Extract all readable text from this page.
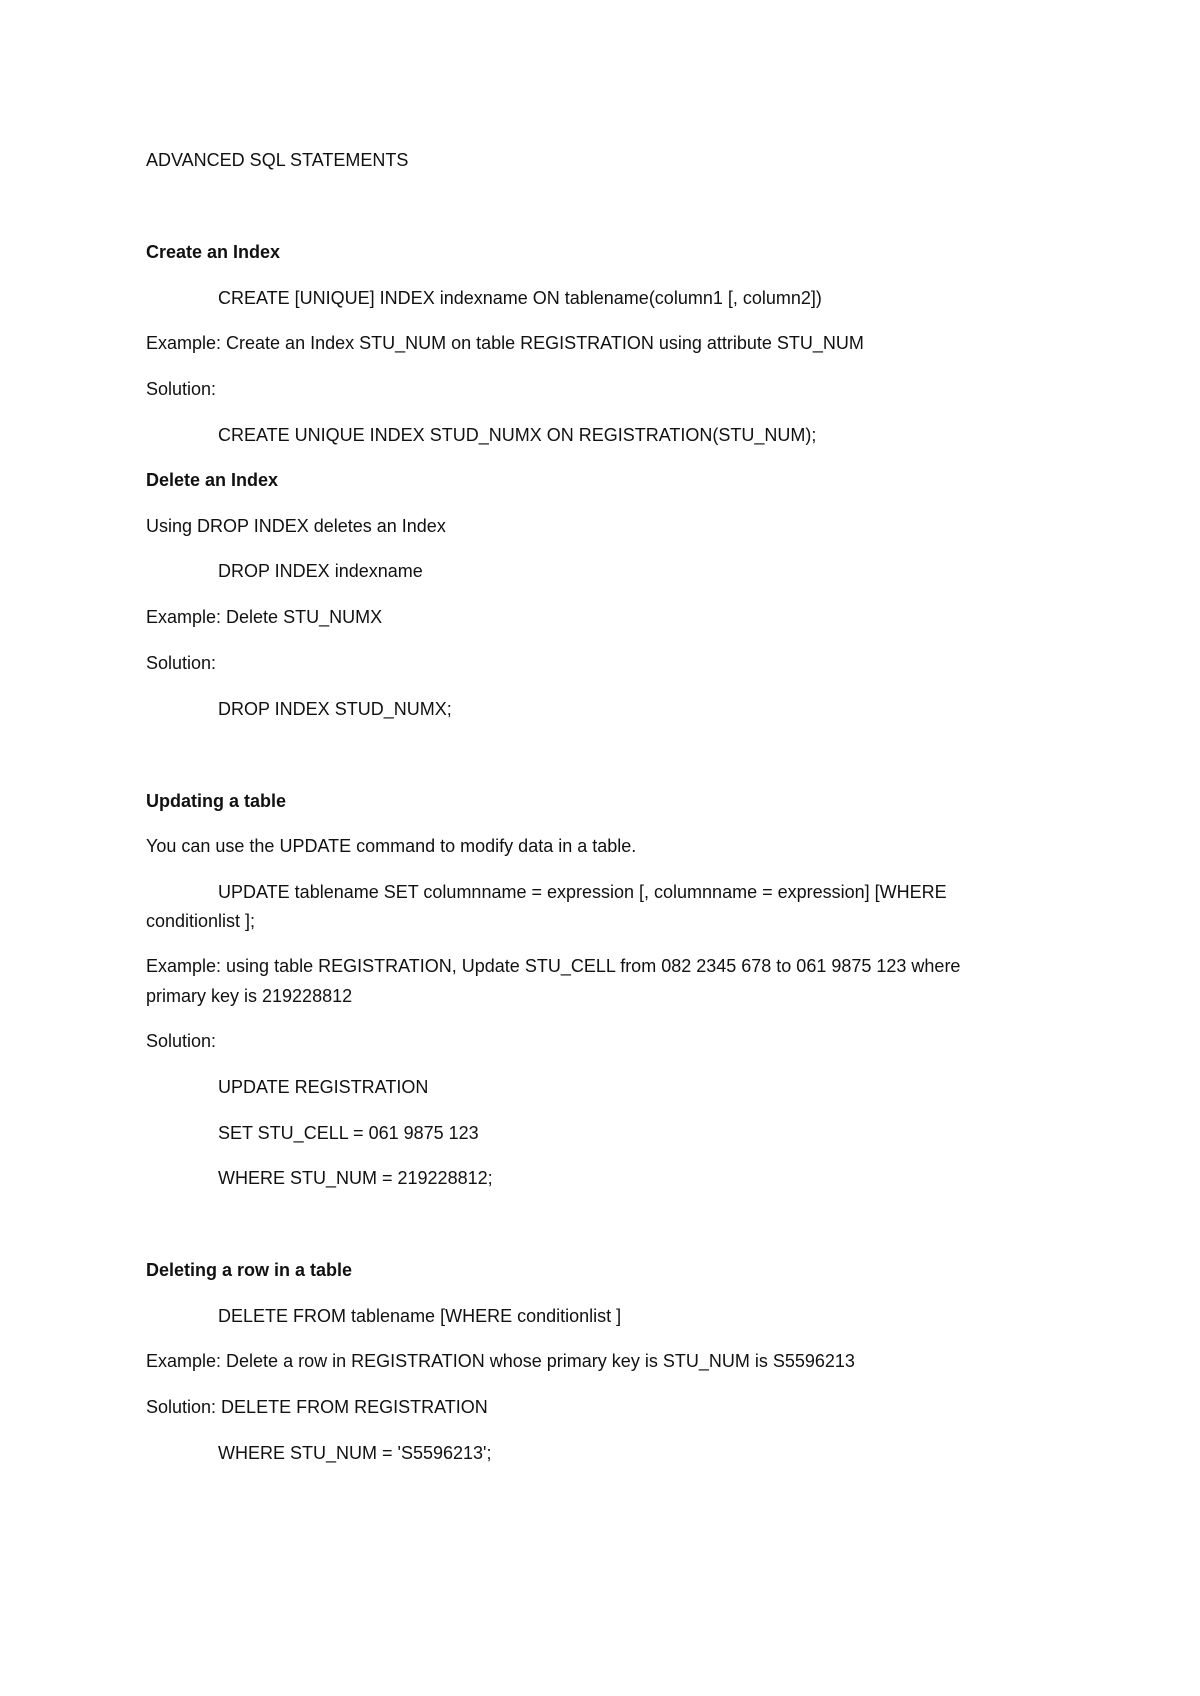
ADVANCED SQL STATEMENTS
Create an Index
CREATE [UNIQUE] INDEX indexname ON tablename(column1 [, column2])
Example: Create an Index STU_NUM on table REGISTRATION using attribute STU_NUM
Solution:
CREATE UNIQUE INDEX STUD_NUMX ON REGISTRATION(STU_NUM);
Delete an Index
Using DROP INDEX deletes an Index
DROP INDEX indexname
Example: Delete STU_NUMX
Solution:
DROP INDEX STUD_NUMX;
Updating a table
You can use the UPDATE command to modify data in a table.
UPDATE tablename SET columnname = expression [, columnname = expression] [WHERE
conditionlist ];
Example: using table REGISTRATION, Update STU_CELL from 082 2345 678 to 061 9875 123 where
primary key is 219228812
Solution:
UPDATE REGISTRATION
SET STU_CELL = 061 9875 123
WHERE STU_NUM = 219228812;
Deleting a row in a table
DELETE FROM tablename [WHERE conditionlist ]
Example: Delete a row in REGISTRATION whose primary key is STU_NUM is S5596213
Solution: DELETE FROM REGISTRATION
WHERE STU_NUM = 'S5596213';
